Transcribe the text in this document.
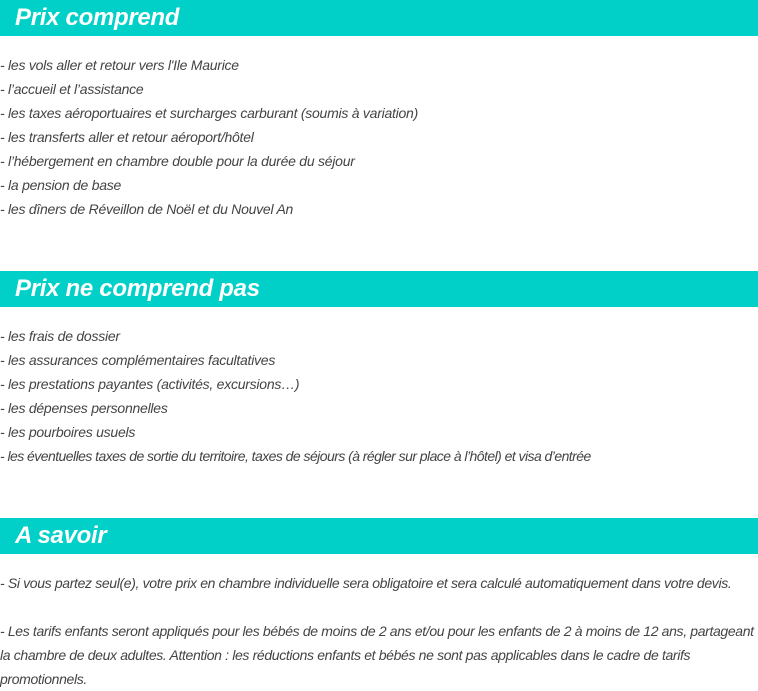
Prix comprend
- les vols aller et retour vers l'Ile Maurice
- l’accueil et l’assistance
- les taxes aéroportuaires et surcharges carburant (soumis à variation)
- les transferts aller et retour aéroport/hôtel
- l’hébergement en chambre double pour la durée du séjour
- la pension de base
- les dîners de Réveillon de Noël et du Nouvel An
Prix ne comprend pas
- les frais de dossier
- les assurances complémentaires facultatives
- les prestations payantes (activités, excursions…)
- les dépenses personnelles
- les pourboires usuels
- les éventuelles taxes de sortie du territoire, taxes de séjours (à régler sur place à l’hôtel) et visa d’entrée
A savoir

- Si vous partez seul(e), votre prix en chambre individuelle sera obligatoire et sera calculé automatiquement dans votre devis.

- Les tarifs enfants seront appliqués pour les bébés de moins de 2 ans et/ou pour les enfants de 2 à moins de 12 ans, partageant la chambre de deux adultes. Attention : les réductions enfants et bébés ne sont pas applicables dans le cadre de tarifs promotionnels.
